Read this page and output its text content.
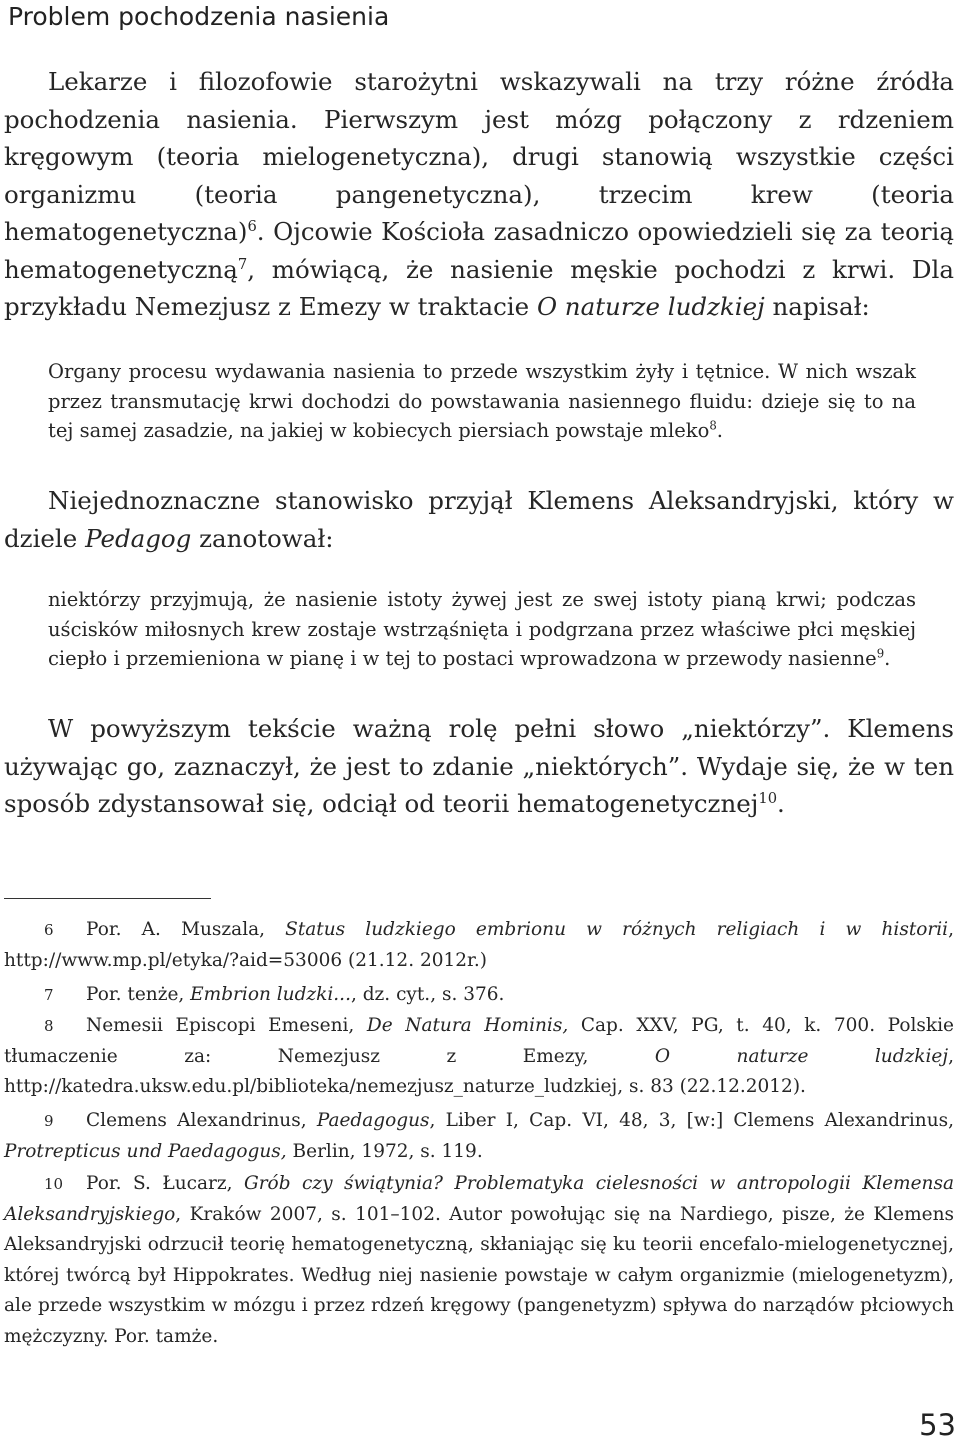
Problem pochodzenia nasienia

Lekarze i filozofowie starożytni wskazywali na trzy różne źródła pochodzenia nasienia. Pierwszym jest mózg połączony z rdzeniem kręgowym (teoria mielogenetyczna), drugi stanowią wszystkie części organizmu (teoria pangenetyczna), trzecim krew (teoria hematogenetyczna)$^6$. Ojcowie Kościoła zasadniczo opowiedzieli się za teorią hematogenetyczną$^7$, mówiącą, że nasienie męskie pochodzi z krwi. Dla przykładu Nemezjusz z Emezy w traktacie O naturze ludzkiej napisał:

Organy procesu wydawania nasienia to przede wszystkim żyły i tętnice. W nich wszak przez transmutację krwi dochodzi do powstawania nasiennego fluidu: dzieje się to na tej samej zasadzie, na jakiej w kobiecych piersiach powstaje mleko$^8$.

Niejednoznaczne stanowisko przyjął Klemens Aleksandryjski, który w dziele Pedagog zanotował:

niektórzy przyjmują, że nasienie istoty żywej jest ze swej istoty pianą krwi; podczas uścisków miłosnych krew zostaje wstrząśnięta i podgrzana przez właściwe płci męskiej ciepło i przemieniona w pianę i w tej to postaci wprowadzona w przewody nasienne$^9$.

W powyższym tekście ważną rolę pełni słowo „niektórzy”. Klemens używając go, zaznaczył, że jest to zdanie „niektórych”. Wydaje się, że w ten sposób zdystansował się, odciął od teorii hematogenetycznej$^{10}$.

6 Por. A. Muszala, Status ludzkiego embrionu w różnych religiach i w historii, http://www.mp.pl/etyka/?aid=53006 (21.12. 2012r.)

7 Por. tenże, Embrion ludzki..., dz. cyt., s. 376.

8 Nemesii Episcopi Emeseni, De Natura Hominis, Cap. XXV, PG, t. 40, k. 700. Polskie tłumaczenie za: Nemezjusz z Emezy, O naturze ludzkiej, http://katedra.uksw.edu.pl/biblioteka/nemezjusz_naturze_ludzkiej, s. 83 (22.12.2012).

9 Clemens Alexandrinus, Paedagogus, Liber I, Cap. VI, 48, 3, [w:] Clemens Alexandrinus, Protrepticus und Paedagogus, Berlin, 1972, s. 119.

10 Por. S. Łucarz, Grób czy świątynia? Problematyka cielesności w antropologii Klemensa Aleksandryjskiego, Kraków 2007, s. 101–102. Autor powołując się na Nardiego, pisze, że Klemens Aleksandryjski odrzucił teorię hematogenetyczną, skłaniając się ku teorii encefalo-mielogenetycznej, której twórcą był Hippokrates. Według niej nasienie powstaje w całym organizmie (mielogenetyzm), ale przede wszystkim w mózgu i przez rdzeń kręgowy (pangenetyzm) spływa do narządów płciowych mężczyzny. Por. tamże.

53
